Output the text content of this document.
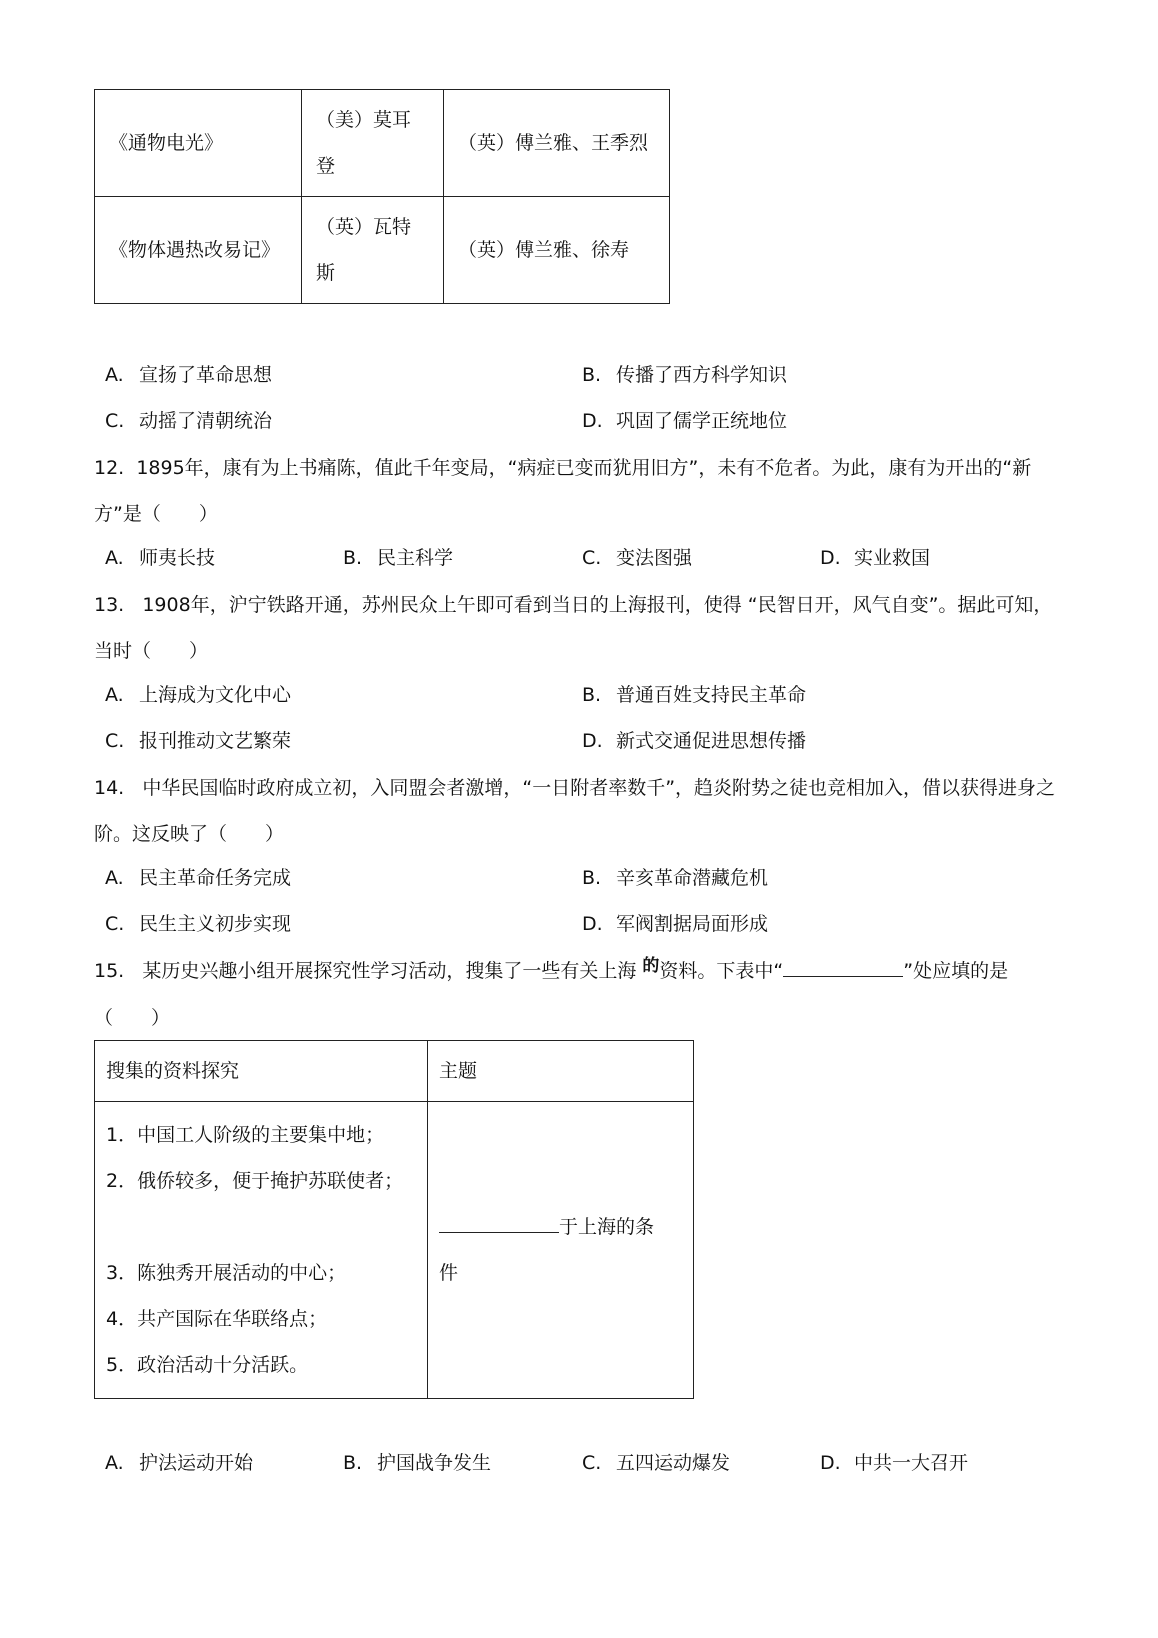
《通物电光》	（美）莫耳登	（英）傅兰雅、王季烈
《物体遇热改易记》	（英）瓦特斯	（英）傅兰雅、徐寿
A. 宣扬了革命思想	B. 传播了西方科学知识
C. 动摇了清朝统治	D. 巩固了儒学正统地位
12. 1895年，康有为上书痛陈，值此千年变局，“病症已变而犹用旧方”，未有不危者。为此，康有为开出的“新方”是（　　）
A. 师夷长技	B. 民主科学	C. 变法图强	D. 实业救国
13. 1908年，沪宁铁路开通，苏州民众上午即可看到当日的上海报刊，使得 “民智日开，风气自变”。据此可知，当时（　　）
A. 上海成为文化中心	B. 普通百姓支持民主革命
C. 报刊推动文艺繁荣	D. 新式交通促进思想传播
14. 中华民国临时政府成立初，入同盟会者激增，“一日附者率数千”，趋炎附势之徒也竞相加入，借以获得进身之阶。这反映了（　　）
A. 民主革命任务完成	B. 辛亥革命潜藏危机
C. 民生主义初步实现	D. 军阀割据局面形成
15. 某历史兴趣小组开展探究性学习活动，搜集了一些有关上海 的资料。下表中“	”处应填的是（　　）
搜集的资料探究	主题

1．中国工人阶级的主要集中地；
2．俄侨较多，便于掩护苏联使者；
3．陈独秀开展活动的中心；
4．共产国际在华联络点；
5．政治活动十分活跃。	于上海的条件
A. 护法运动开始	B. 护国战争发生	C. 五四运动爆发	D. 中共一大召开
